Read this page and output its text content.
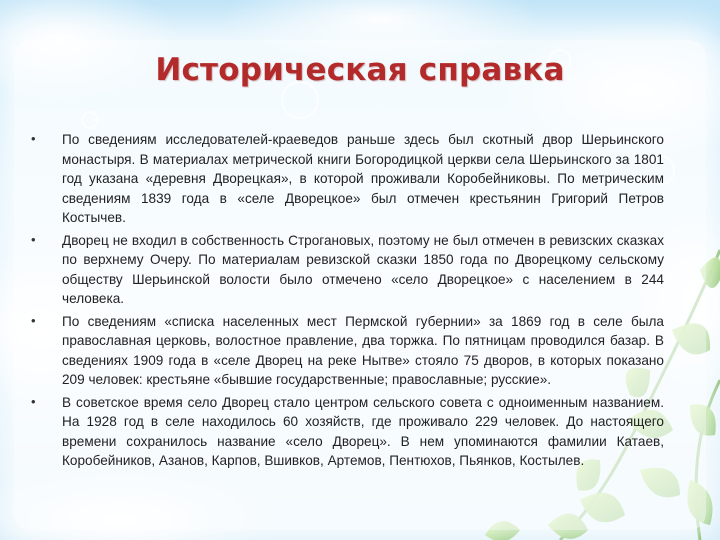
Историческая справка
• По сведениям исследователей-краеведов раньше здесь был скотный двор Шерьинского монастыря. В материалах метрической книги Богородицкой церкви села Шерьинского за 1801 год указана «деревня Дворецкая», в которой проживали Коробейниковы. По метрическим сведениям 1839 года в «селе Дворецкое» был отмечен крестьянин Григорий Петров Костычев.
• Дворец не входил в собственность Строгановых, поэтому не был отмечен в ревизских сказках по верхнему Очеру. По материалам ревизской сказки 1850 года по Дворецкому сельскому обществу Шерьинской волости было отмечено «село Дворецкое» с населением в 244 человека.
• По сведениям «списка населенных мест Пермской губернии» за 1869 год в селе была православная церковь, волостное правление, два торжка. По пятницам проводился базар. В сведениях 1909 года в «селе Дворец на реке Нытве» стояло 75 дворов, в которых показано 209 человек: крестьяне «бывшие государственные; православные; русские».
• В советское время село Дворец стало центром сельского совета с одноименным названием. На 1928 год в селе находилось 60 хозяйств, где проживало 229 человек. До настоящего времени сохранилось название «село Дворец». В нем упоминаются фамилии Катаев, Коробейников, Азанов, Карпов, Вшивков, Артемов, Пентюхов, Пьянков, Костылев.
